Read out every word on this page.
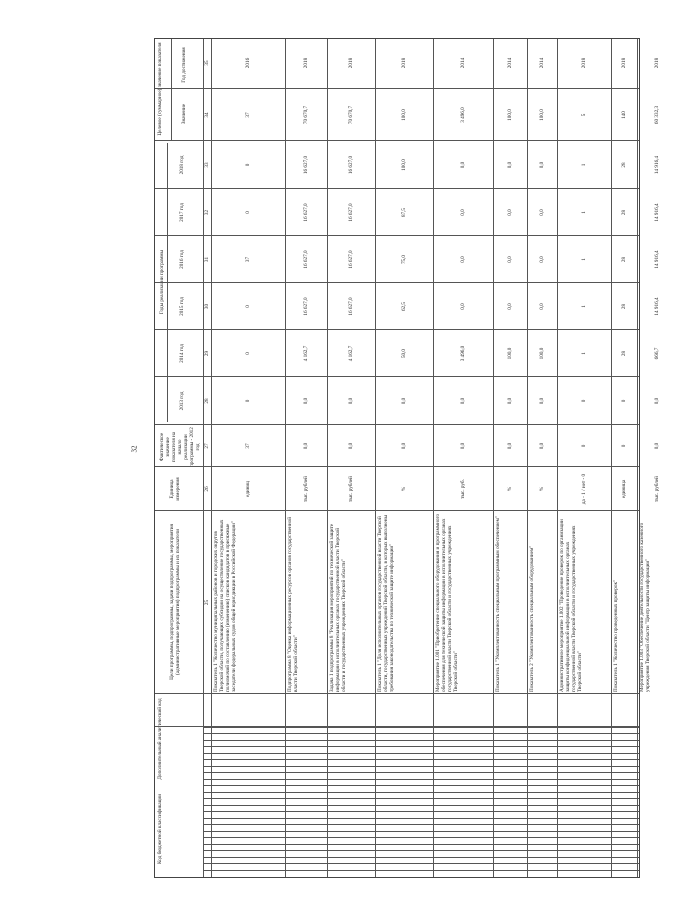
32
Код бюджетной классификации
Дополнительный аналитический код
Цели программы, подпрограммы, задачи подпрограммы, мероприятия (административные мероприятия) подпрограммы и их показатели
Единица измерения
Фактическое значение показателя на начало реализации программы - 2012 год
Годы реализации программы
Целевое (суммарное) значение показателя	Значение
Год достижения
2013 год
2014 год
2015 год
2016 год
2017 год
2018 год
25
26
27
28
29
30
31
32
33
34
35
Показатель 1 "Количество муниципальных районов и городских округов Тверской области, получающих субсидии на осуществление государственных полномочий по составлению (изменению) списков кандидатов в присяжные заседатели федеральных судов общей юрисдикции в Российской Федерации"
единиц
37
0
0
0
37
0
0
37
2016
Подпрограмма 8 "Оценка информационных ресурсов органов государственной власти Тверской области"
тыс. рублей
0,0
0,0
4 162,7
16 627,0
16 627,0
16 627,0
16 627,0
70 670,7
2018
Задача 1 подпрограммы 8 "Реализация мероприятий по технической защите информации в исполнительных органах государственной власти Тверской области и государственных учреждениях Тверской области"
тыс. рублей
0,0
0,0
4 162,7
16 627,0
16 627,0
16 627,0
16 627,0
70 670,7
2018
Показатель 1 "Доля исполнительных органов государственной власти Тверской области, государственных учреждений Тверской области, в которых выполнены требования законодательства по технической защите информации"
%
0,0
0,0
50,0
62,5
75,0
87,5
100,0
100,0
2018
Мероприятие 1.001 "Приобретение специального оборудования и программного обеспечения для технической защиты информации в исполнительных органах государственной власти Тверской области и государственных учреждениях Тверской области"
тыс. руб.
0,0
0,0
3 496,0
0,0
0,0
0,0
0,0
3 496,0
2014
Показатель 1 "Укомплектованность специальным программным обеспечением"
%
0,0
0,0
100,0
0,0
0,0
0,0
0,0
100,0
2014
Показатель 2 "Укомплектованность специальным оборудованием"
%
0,0
0,0
100,0
0,0
0,0
0,0
0,0
100,0
2014
Административное мероприятие 1.002 "Проведение проверок по организации защиты конфиденциальной информации в исполнительных органах государственной власти Тверской области и государственных учреждениях Тверской области"
да - 1 / нет - 0
0
0
1
1
1
1
1
5
2018
Показатель 1 "Количество проведенных проверок"
единица
0
0
28
28
28
28
28
140
2018
Мероприятие 1.003 "Обеспечение деятельности государственного казенного учреждения Тверской области "Центр защиты информации"
тыс. рублей
0,0
0,0
666,7
14 916,4
14 916,4
14 916,4
14 916,4
60 332,3
2018
